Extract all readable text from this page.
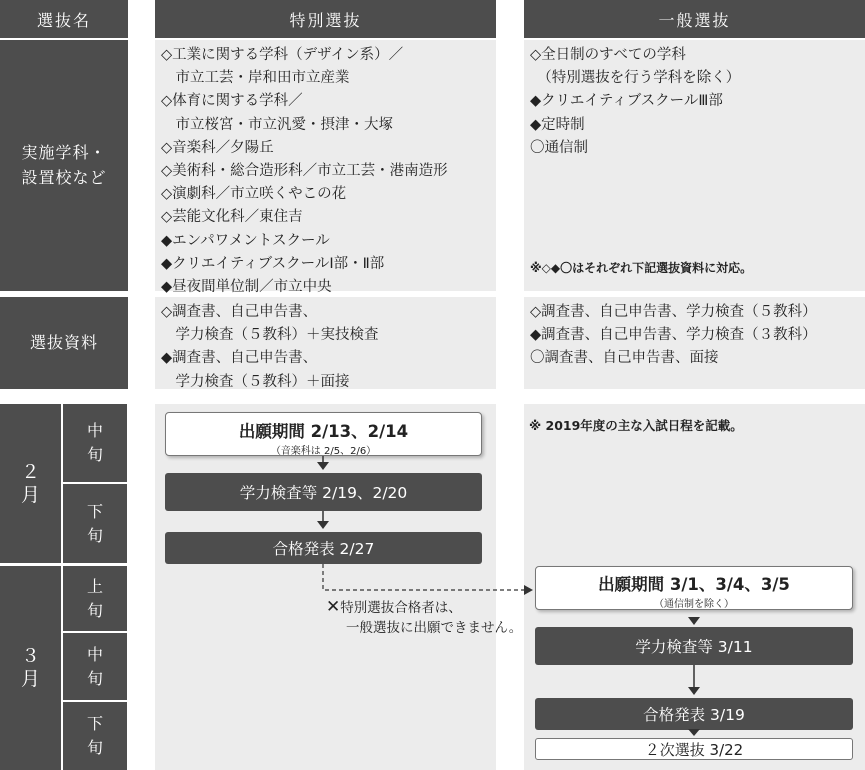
選抜名	特別選抜	一般選抜
実施学科・
設置校など
◇工業に関する学科（デザイン系）／
　市立工芸・岸和田市立産業
◇体育に関する学科／
　市立桜宮・市立汎愛・摂津・大塚
◇音楽科／夕陽丘
◇美術科・総合造形科／市立工芸・港南造形
◇演劇科／市立咲くやこの花
◇芸能文化科／東住吉
◆エンパワメントスクール
◆クリエイティブスクールⅠ部・Ⅱ部
◆昼夜間単位制／市立中央
◇全日制のすべての学科
　（特別選抜を行う学科を除く）
◆クリエイティブスクールⅢ部
◆定時制
〇通信制
※◇◆〇はそれぞれ下記選抜資料に対応。
選抜資料
◇調査書、自己申告書、
　学力検査（５教科）＋実技検査
◆調査書、自己申告書、
　学力検査（５教科）＋面接
◇調査書、自己申告書、学力検査（５教科）
◆調査書、自己申告書、学力検査（３教科）
〇調査書、自己申告書、面接
２
月
中
旬
下
旬
３
月
上
旬
中
旬
下
旬
※ 2019年度の主な入試日程を記載。
出願期間 2/13、2/14
（音楽科は 2/5、2/6）
学力検査等 2/19、2/20
合格発表 2/27
出願期間 3/1、3/4、3/5
（通信制を除く）
学力検査等 3/11
合格発表 3/19
２次選抜 3/22
✕特別選抜合格者は、
一般選抜に出願できません。
